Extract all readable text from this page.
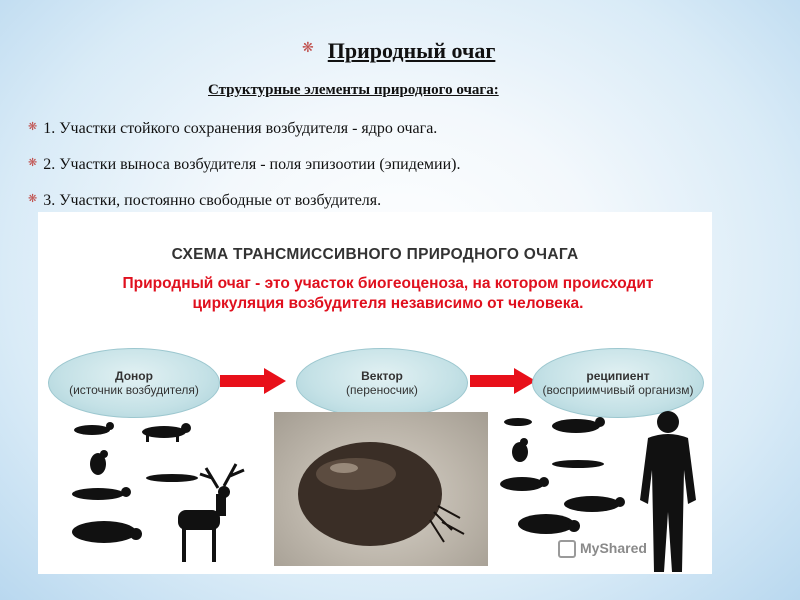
❋ Природный очаг
Структурные элементы природного очага:
❋ 1. Участки стойкого сохранения возбудителя - ядро очага.
❋ 2. Участки выноса возбудителя - поля эпизоотии (эпидемии).
❋ 3. Участки, постоянно свободные от возбудителя.
СХЕМА ТРАНСМИССИВНОГО ПРИРОДНОГО ОЧАГА
Природный очаг - это участок биогеоценоза, на котором происходит циркуляция возбудителя независимо от человека.
Донор
(источник возбудителя)
Вектор
(переносчик)
реципиент
(восприимчивый организм)
MyShared
